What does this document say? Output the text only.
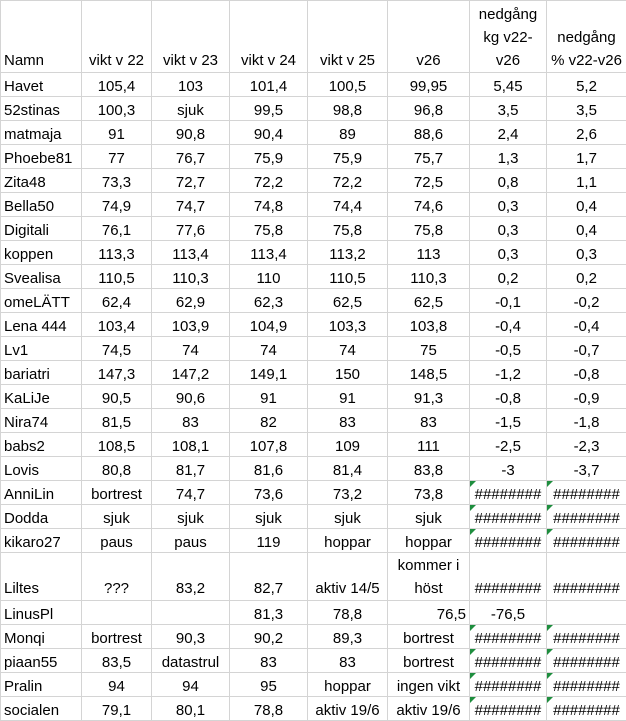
Namn	vikt v 22	vikt v 23	vikt v 24	vikt v 25	v26	nedgång kg v22-v26	nedgång % v22-v26
Havet	105,4	103	101,4	100,5	99,95	5,45	5,2
52stinas	100,3	sjuk	99,5	98,8	96,8	3,5	3,5
matmaja	91	90,8	90,4	89	88,6	2,4	2,6
Phoebe81	77	76,7	75,9	75,9	75,7	1,3	1,7
Zita48	73,3	72,7	72,2	72,2	72,5	0,8	1,1
Bella50	74,9	74,7	74,8	74,4	74,6	0,3	0,4
Digitali	76,1	77,6	75,8	75,8	75,8	0,3	0,4
koppen	113,3	113,4	113,4	113,2	113	0,3	0,3
Svealisa	110,5	110,3	110	110,5	110,3	0,2	0,2
omeLÄTT	62,4	62,9	62,3	62,5	62,5	-0,1	-0,2
Lena 444	103,4	103,9	104,9	103,3	103,8	-0,4	-0,4
Lv1	74,5	74	74	74	75	-0,5	-0,7
bariatri	147,3	147,2	149,1	150	148,5	-1,2	-0,8
KaLiJe	90,5	90,6	91	91	91,3	-0,8	-0,9
Nira74	81,5	83	82	83	83	-1,5	-1,8
babs2	108,5	108,1	107,8	109	111	-2,5	-2,3
Lovis	80,8	81,7	81,6	81,4	83,8	-3	-3,7
AnniLin	bortrest	74,7	73,6	73,2	73,8	########	########
Dodda	sjuk	sjuk	sjuk	sjuk	sjuk	########	########
kikaro27	paus	paus	119	hoppar	hoppar	########	########
Liltes	???	83,2	82,7	aktiv 14/5	kommer i höst	########	########
LinusPl			81,3	78,8	76,5	-76,5	
Monqi	bortrest	90,3	90,2	89,3	bortrest	########	########
piaan55	83,5	datastrul	83	83	bortrest	########	########
Pralin	94	94	95	hoppar	ingen vikt	########	########
socialen	79,1	80,1	78,8	aktiv 19/6	aktiv 19/6	########	########
